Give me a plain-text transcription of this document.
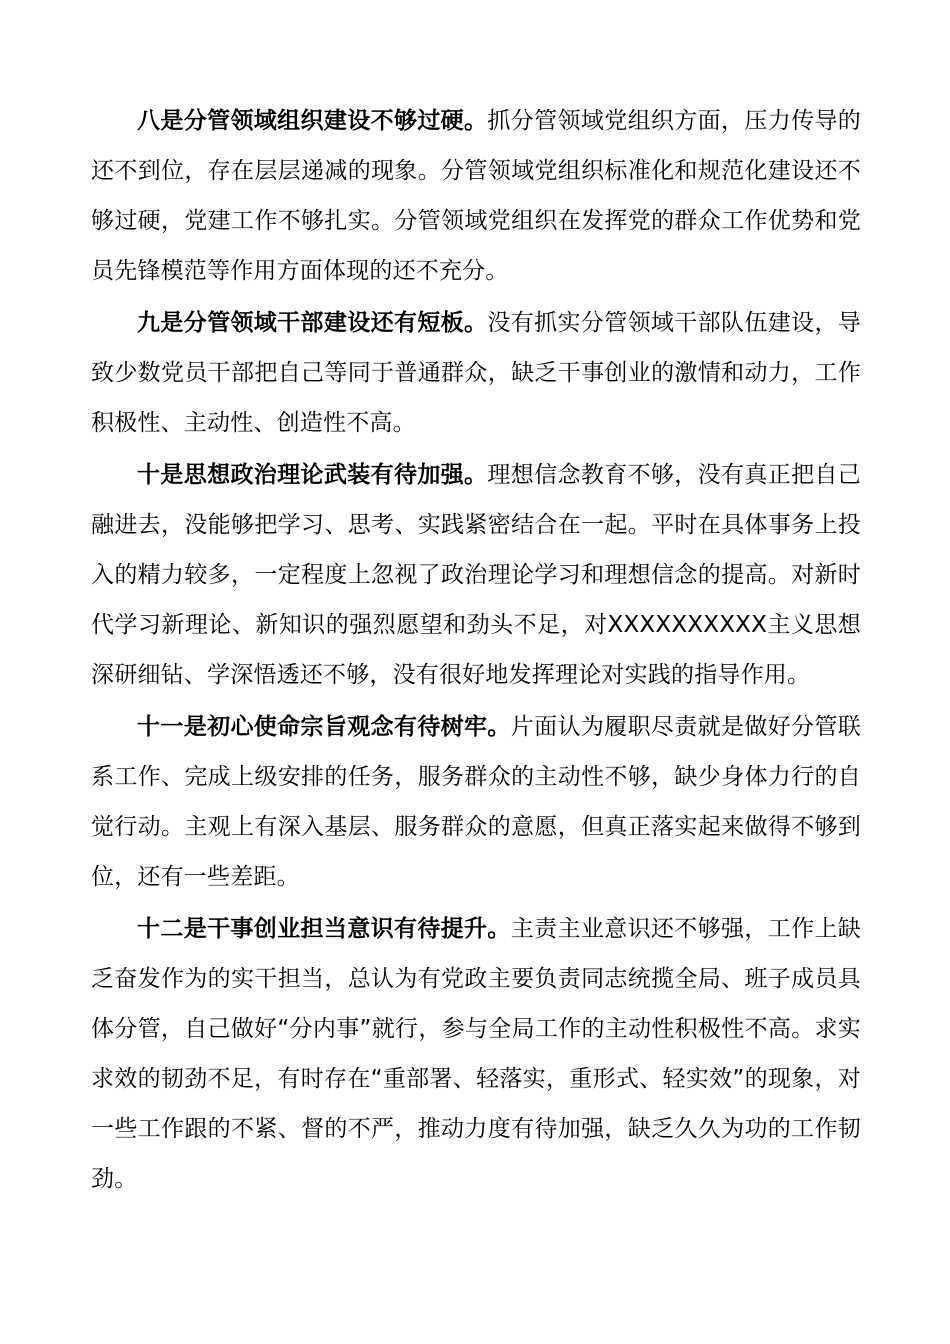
八是分管领域组织建设不够过硬。抓分管领域党组织方面，压力传导的还不到位，存在层层递减的现象。分管领域党组织标准化和规范化建设还不够过硬，党建工作不够扎实。分管领域党组织在发挥党的群众工作优势和党员先锋模范等作用方面体现的还不充分。

九是分管领域干部建设还有短板。没有抓实分管领域干部队伍建设，导致少数党员干部把自己等同于普通群众，缺乏干事创业的激情和动力，工作积极性、主动性、创造性不高。

十是思想政治理论武装有待加强。理想信念教育不够，没有真正把自己融进去，没能够把学习、思考、实践紧密结合在一起。平时在具体事务上投入的精力较多，一定程度上忽视了政治理论学习和理想信念的提高。对新时代学习新理论、新知识的强烈愿望和劲头不足，对XXXXXXXXXX主义思想深研细钻、学深悟透还不够，没有很好地发挥理论对实践的指导作用。

十一是初心使命宗旨观念有待树牢。片面认为履职尽责就是做好分管联系工作、完成上级安排的任务，服务群众的主动性不够，缺少身体力行的自觉行动。主观上有深入基层、服务群众的意愿，但真正落实起来做得不够到位，还有一些差距。

十二是干事创业担当意识有待提升。主责主业意识还不够强，工作上缺乏奋发作为的实干担当，总认为有党政主要负责同志统揽全局、班子成员具体分管，自己做好“分内事”就行，参与全局工作的主动性积极性不高。求实求效的韧劲不足，有时存在“重部署、轻落实，重形式、轻实效”的现象，对一些工作跟的不紧、督的不严，推动力度有待加强，缺乏久久为功的工作韧劲。
